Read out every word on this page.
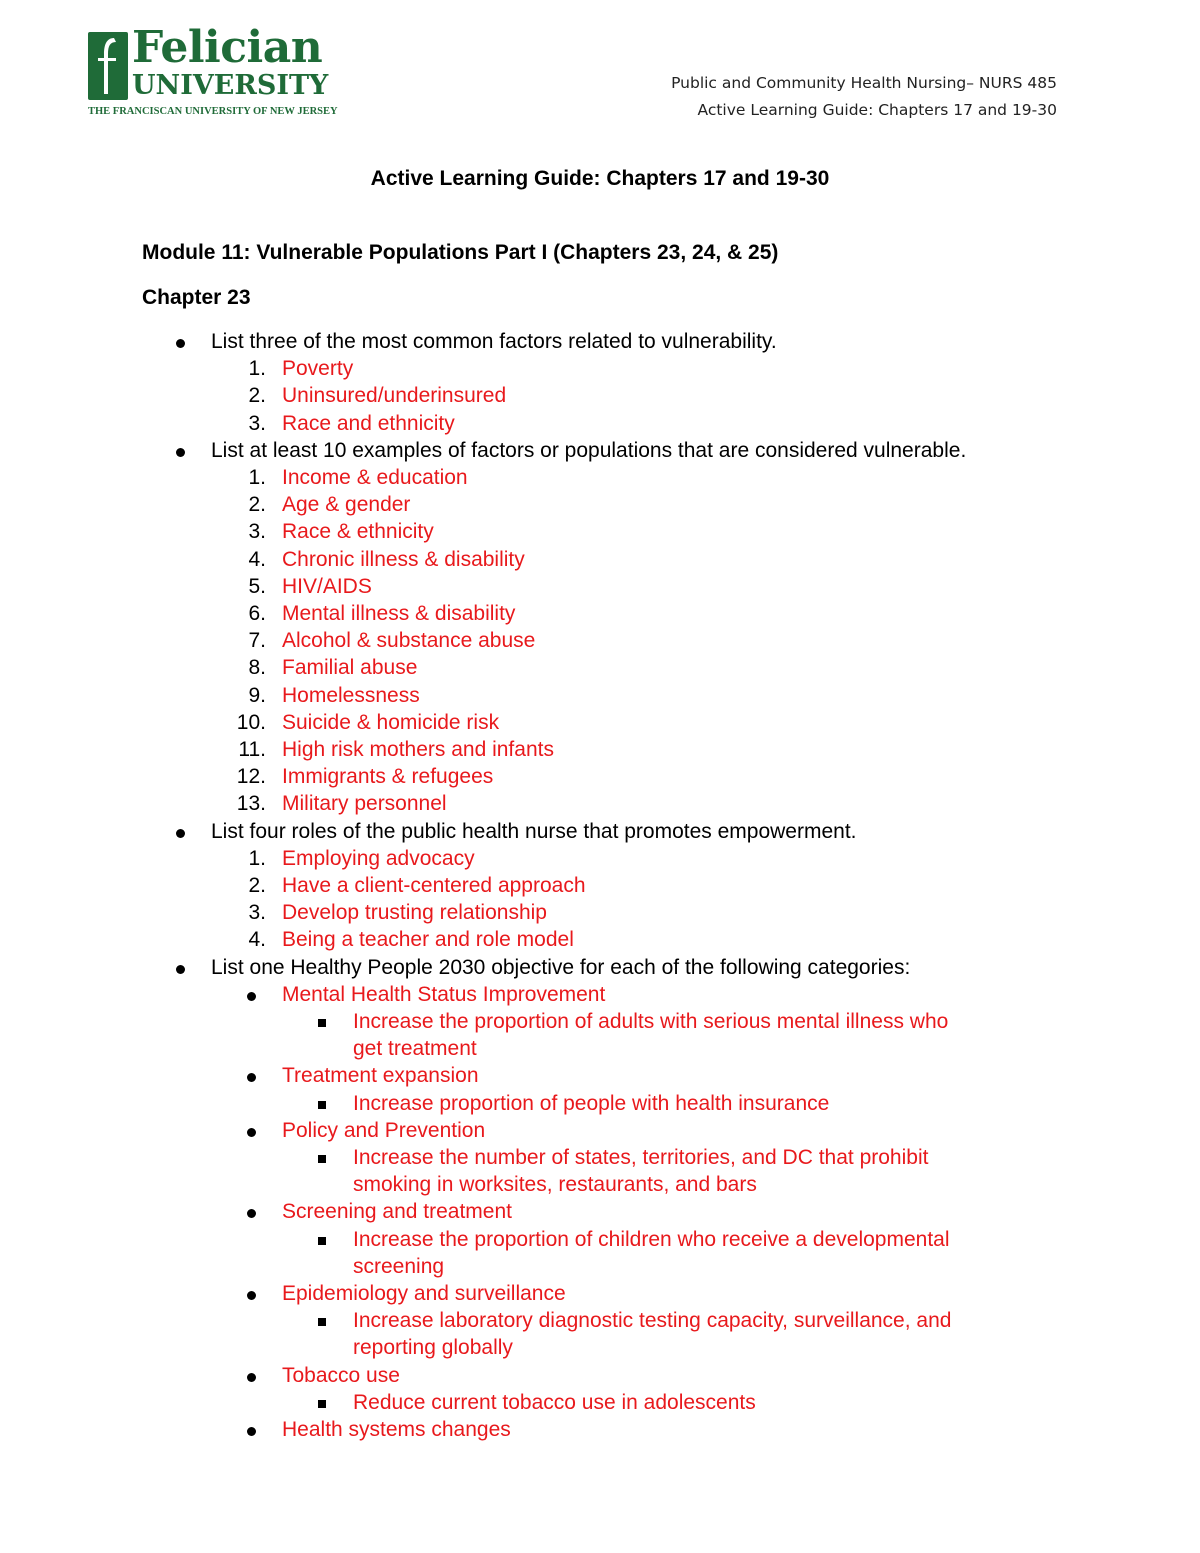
Felician
UNIVERSITY
THE FRANCISCAN UNIVERSITY OF NEW JERSEY
Public and Community Health Nursing– NURS 485
Active Learning Guide: Chapters 17 and 19-30
Active Learning Guide: Chapters 17 and 19-30
Module 11: Vulnerable Populations Part I (Chapters 23, 24, & 25)
Chapter 23
List three of the most common factors related to vulnerability.
1. Poverty
2. Uninsured/underinsured
3. Race and ethnicity
List at least 10 examples of factors or populations that are considered vulnerable.
1. Income & education
2. Age & gender
3. Race & ethnicity
4. Chronic illness & disability
5. HIV/AIDS
6. Mental illness & disability
7. Alcohol & substance abuse
8. Familial abuse
9. Homelessness
10. Suicide & homicide risk
11. High risk mothers and infants
12. Immigrants & refugees
13. Military personnel
List four roles of the public health nurse that promotes empowerment.
1. Employing advocacy
2. Have a client-centered approach
3. Develop trusting relationship
4. Being a teacher and role model
List one Healthy People 2030 objective for each of the following categories:
Mental Health Status Improvement
Increase the proportion of adults with serious mental illness who
get treatment
Treatment expansion
Increase proportion of people with health insurance
Policy and Prevention
Increase the number of states, territories, and DC that prohibit
smoking in worksites, restaurants, and bars
Screening and treatment
Increase the proportion of children who receive a developmental
screening
Epidemiology and surveillance
Increase laboratory diagnostic testing capacity, surveillance, and
reporting globally
Tobacco use
Reduce current tobacco use in adolescents
Health systems changes
